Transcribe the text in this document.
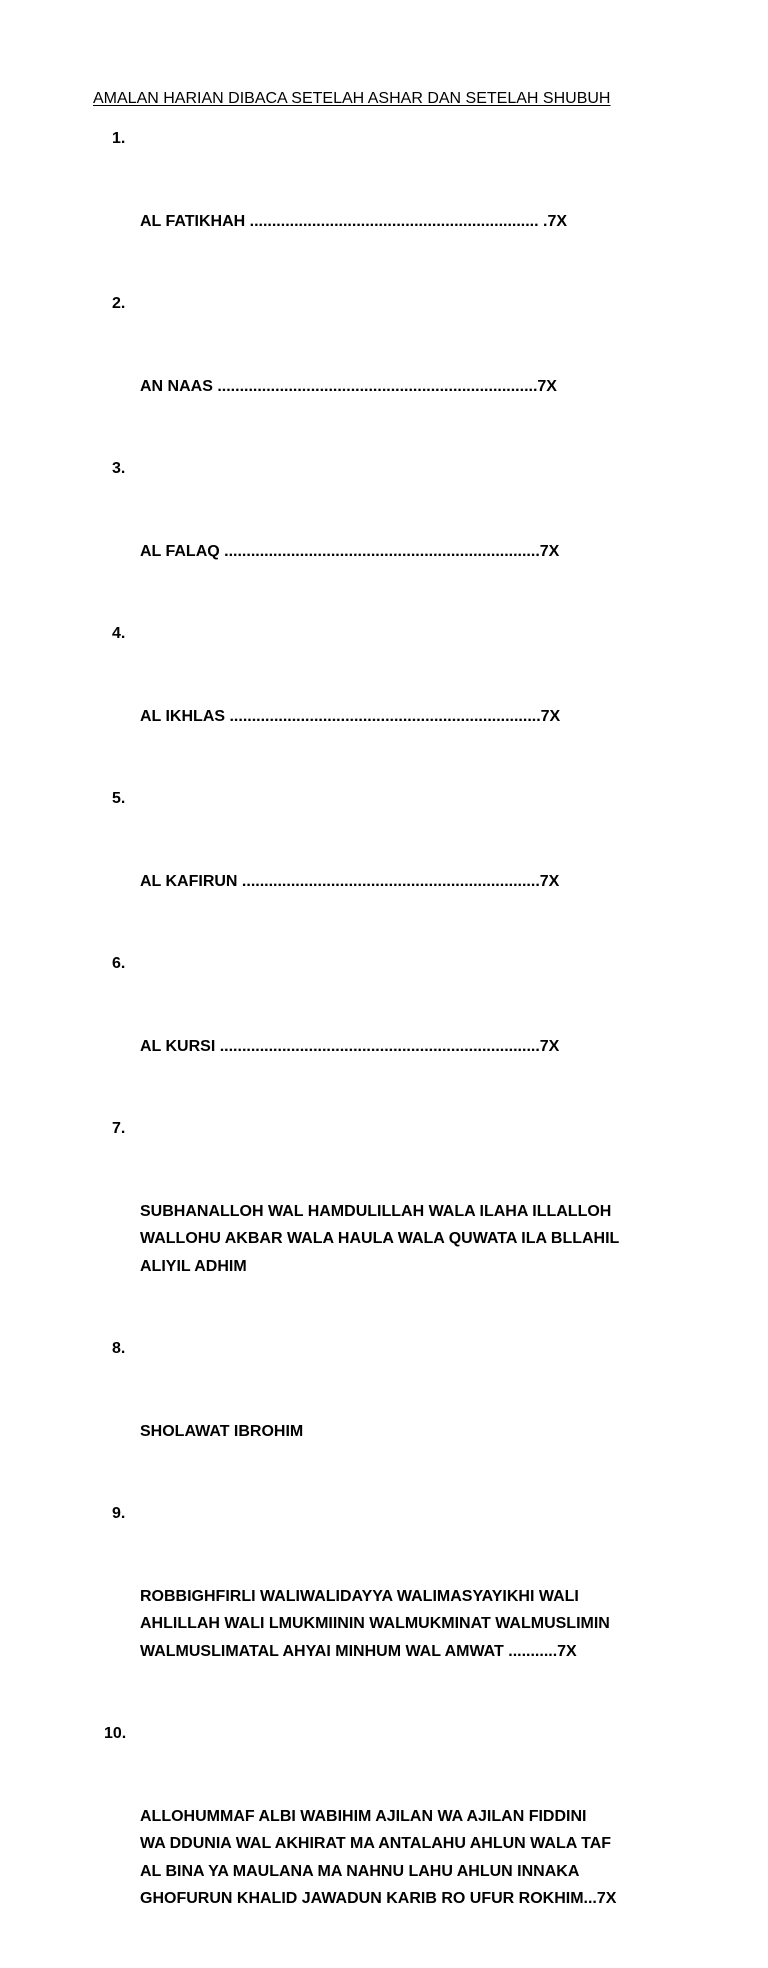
AMALAN HARIAN DIBACA SETELAH ASHAR DAN SETELAH SHUBUH

1.

AL FATIKHAH ................................................................. .7X

2.

AN NAAS ........................................................................7X

3.

AL FALAQ .......................................................................7X

4.

AL IKHLAS ......................................................................7X

5.

AL KAFIRUN ...................................................................7X

6.

AL KURSI ........................................................................7X

7.

SUBHANALLOH WAL HAMDULILLAH WALA ILAHA ILLALLOH
WALLOHU AKBAR WALA HAULA WALA QUWATA ILA BLLAHIL
ALIYIL ADHIM

8.

SHOLAWAT IBROHIM

9.

ROBBIGHFIRLI WALIWALIDAYYA WALIMASYAYIKHI WALI
AHLILLAH WALI LMUKMIININ WALMUKMINAT WALMUSLIMIN
WALMUSLIMATAL AHYAI MINHUM WAL AMWAT ...........7X

10.

ALLOHUMMAF ALBI WABIHIM AJILAN WA AJILAN FIDDINI
WA DDUNIA WAL AKHIRAT MA ANTALAHU AHLUN WALA TAF
AL BINA YA MAULANA MA NAHNU LAHU AHLUN INNAKA
GHOFURUN KHALID JAWADUN KARIB RO UFUR ROKHIM...7X
